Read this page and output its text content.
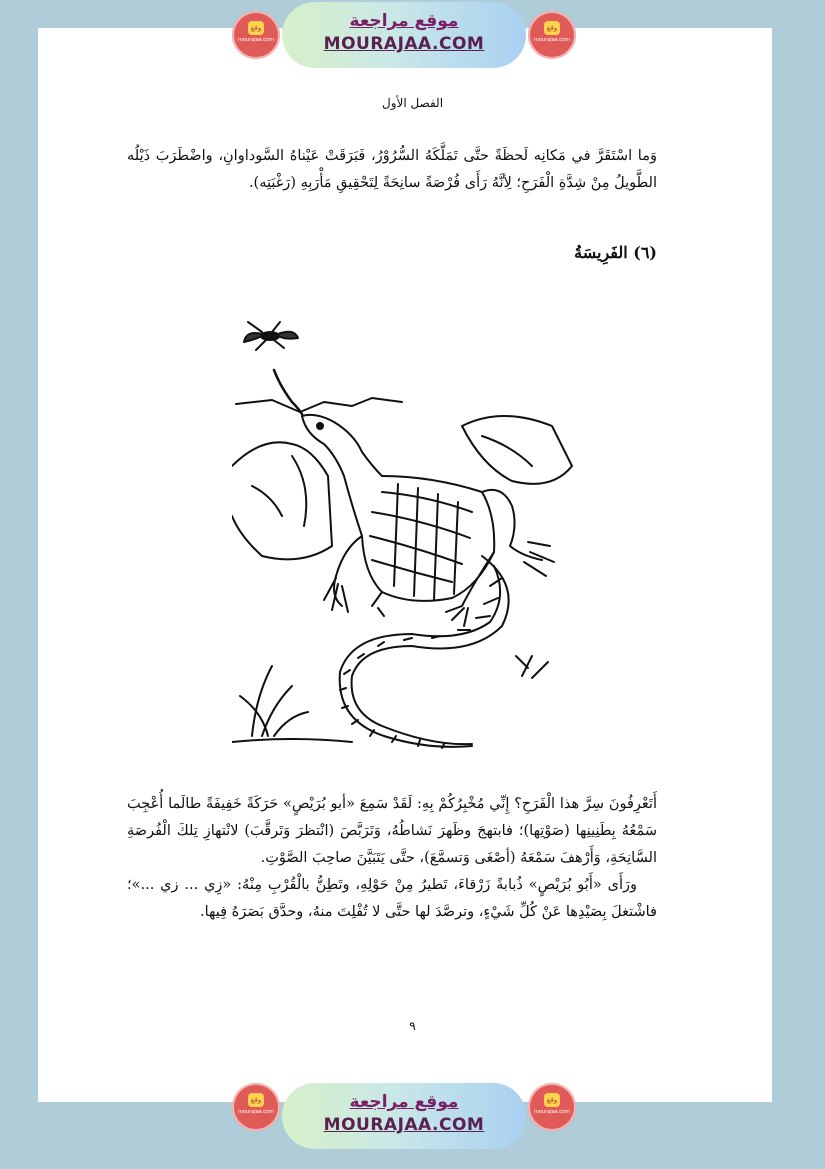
وقع
mourajaa.com
موقع مراجعة
MOURAJAA.COM
وقع
mourajaa.com
الفصل الأول
وَما اسْتَقَرَّ في مَكانِه لَحظَةً حتَّى تَمَلَّكَهُ السُّرُوْرُ، فَبَرَقَتْ عَيْناهُ السَّوداوانِ، واضْطَرَبَ ذَيْلُه الطَّويلُ مِنْ شِدَّةِ الْفَرَحِ؛ لِأنَّهُ رَأَى فُرْصَةً سانِحَةً لِتَحْقِيقِ مَأْرَبِهِ (رَغْبَتِه).
(٦) الفَرِيسَةُ
أَتَعْرِفُونَ سِرَّ هذا الْفَرَحِ؟ إِنِّي مُخْبِرُكُمْ بِهِ: لَقَدْ سَمِعَ «أبو بُرَيْصٍ» حَرَكَةً خَفِيفَةً طالَما أُعْجِبَ سَمْعُهُ بِطَنِينِها (صَوْتِها)؛ فابتهجَ وظَهرَ نَشاطُهُ، وَتَرَبَّصَ (انْتظرَ وَتَرقَّبَ) لانْتهازِ تِلكَ الْفُرصَةِ السَّانِحَةِ، وَأَرْهفَ سَمْعَهُ (أصْغَى وَتسمَّعَ)، حتَّى يَتَبَيَّنَ صاحِبَ الصَّوْتِ.
ورَأَى «أَبُو بُرَيْصٍ» ذُبابةً زَرْقاءَ، تَطيرُ مِنْ حَوْلِهِ، وتَطِنُّ بالْقُرْبِ مِنْهُ: «زِي ... زي ...»؛ فاشْتغلَ بِصَيْدِها عَنْ كُلِّ شَيْءٍ، وترصَّدَ لها حتَّى لا تُفْلِتَ منهُ، وحدَّق بَصَرَهُ فِيها.
٩
وقع
mourajaa.com	موقع مراجعة
MOURAJAA.COM
وقع
mourajaa.com
